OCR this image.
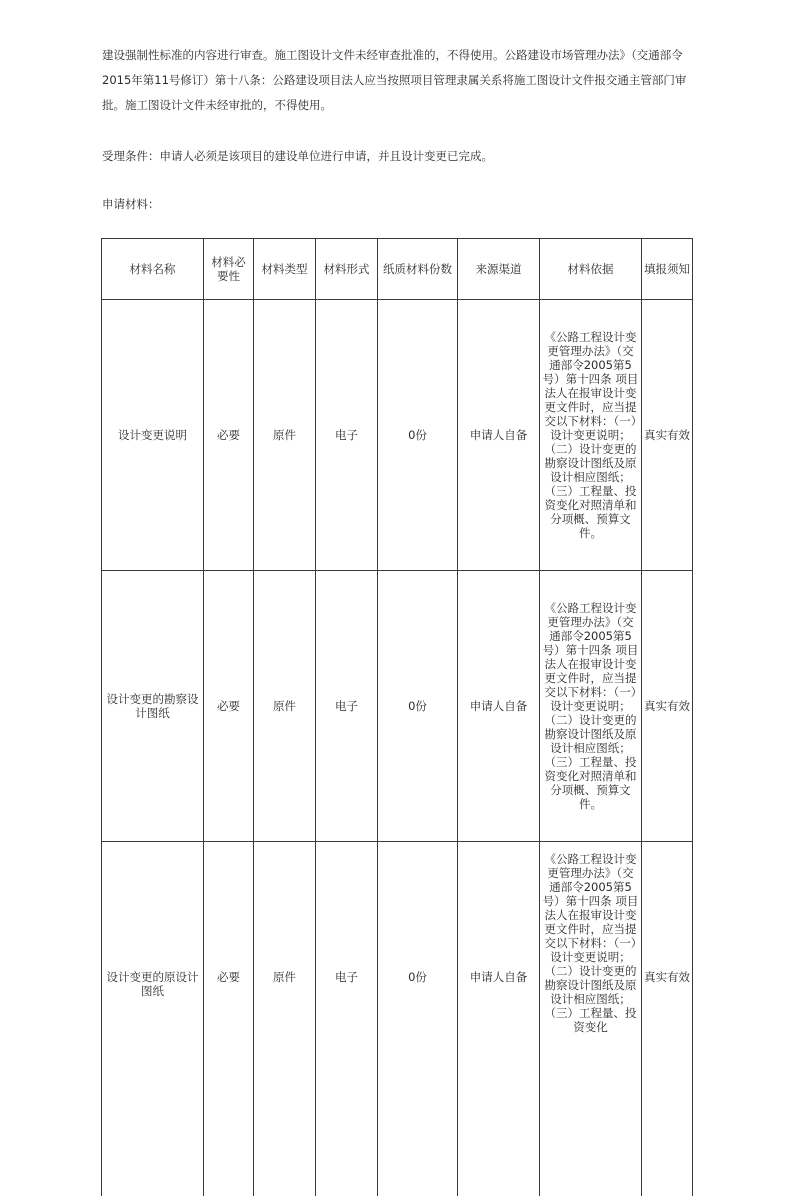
建设强制性标准的内容进行审查。施工图设计文件未经审查批准的，不得使用。公路建设市场管理办法》（交通部令2015年第11号修订）第十八条：公路建设项目法人应当按照项目管理隶属关系将施工图设计文件报交通主管部门审批。施工图设计文件未经审批的，不得使用。

受理条件：申请人必须是该项目的建设单位进行申请，并且设计变更已完成。

申请材料：

材料名称	材料必要性	材料类型	材料形式	纸质材料份数	来源渠道	材料依据	填报须知
设计变更说明	必要	原件	电子	0份	申请人自备	《公路工程设计变更管理办法》（交通部令2005第5号）第十四条 项目法人在报审设计变更文件时，应当提交以下材料：（一）设计变更说明；（二）设计变更的勘察设计图纸及原设计相应图纸；（三）工程量、投资变化对照清单和分项概、预算文件。	真实有效
设计变更的勘察设计图纸	必要	原件	电子	0份	申请人自备	《公路工程设计变更管理办法》（交通部令2005第5号）第十四条 项目法人在报审设计变更文件时，应当提交以下材料：（一）设计变更说明；（二）设计变更的勘察设计图纸及原设计相应图纸；（三）工程量、投资变化对照清单和分项概、预算文件。	真实有效
设计变更的原设计图纸	必要	原件	电子	0份	申请人自备	《公路工程设计变更管理办法》（交通部令2005第5号）第十四条 项目法人在报审设计变更文件时，应当提交以下材料：（一）设计变更说明；（二）设计变更的勘察设计图纸及原设计相应图纸；（三）工程量、投资变化	真实有效
